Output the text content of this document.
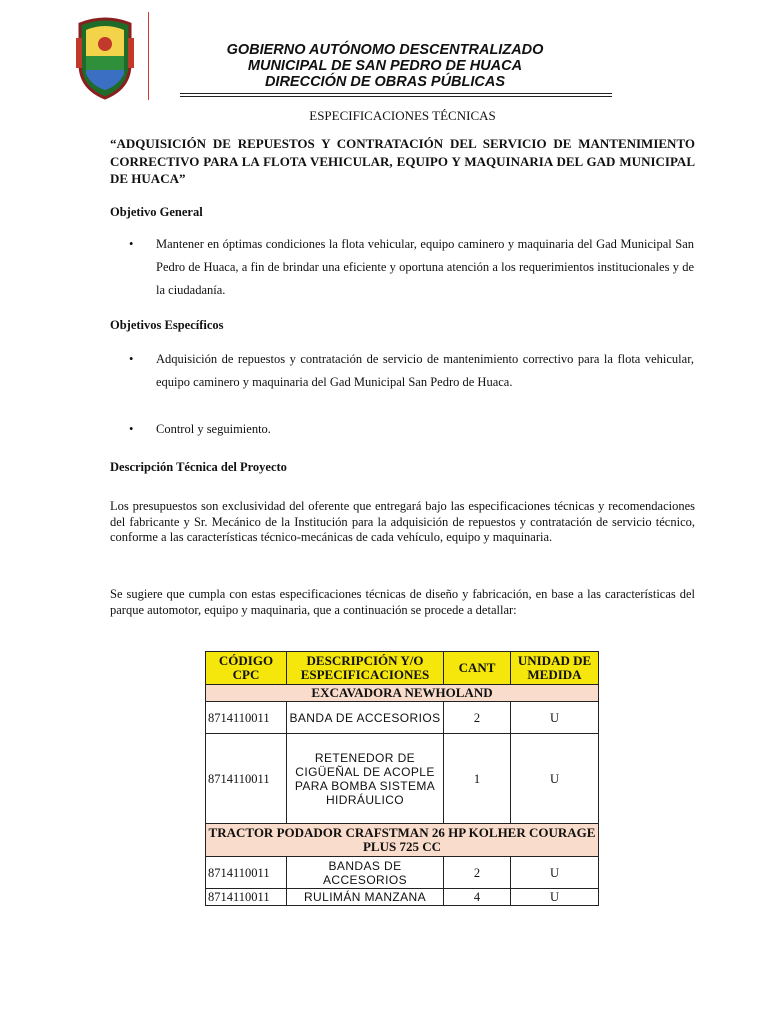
GOBIERNO AUTÓNOMO DESCENTRALIZADO
MUNICIPAL DE SAN PEDRO DE HUACA
DIRECCIÓN DE OBRAS PÚBLICAS
ESPECIFICACIONES TÉCNICAS
“ADQUISICIÓN DE REPUESTOS Y CONTRATACIÓN DEL SERVICIO DE MANTENIMIENTO CORRECTIVO PARA LA FLOTA VEHICULAR, EQUIPO Y MAQUINARIA DEL GAD MUNICIPAL DE HUACA”
Objetivo General
• Mantener en óptimas condiciones la flota vehicular, equipo caminero y maquinaria del Gad Municipal San Pedro de Huaca, a fin de brindar una eficiente y oportuna atención a los requerimientos institucionales y de la ciudadanía.
Objetivos Específicos
• Adquisición de repuestos y contratación de servicio de mantenimiento correctivo para la flota vehicular, equipo caminero y maquinaria del Gad Municipal San Pedro de Huaca.
• Control y seguimiento.
Descripción Técnica del Proyecto
Los presupuestos son exclusividad del oferente que entregará bajo las especificaciones técnicas y recomendaciones del fabricante y Sr. Mecánico de la Institución para la adquisición de repuestos y contratación de servicio técnico, conforme a las características técnico-mecánicas de cada vehículo, equipo y maquinaria.
Se sugiere que cumpla con estas especificaciones técnicas de diseño y fabricación, en base a las características del parque automotor, equipo y maquinaria, que a continuación se procede a detallar:
CÓDIGO CPC	DESCRIPCIÓN Y/O ESPECIFICACIONES	CANT	UNIDAD DE MEDIDA
EXCAVADORA NEWHOLAND			
8714110011	BANDA DE ACCESORIOS	2	U
8714110011	RETENEDOR DE CIGÜEÑAL DE ACOPLE PARA BOMBA SISTEMA HIDRÁULICO	1	U
TRACTOR PODADOR CRAFSTMAN 26 HP KOLHER COURAGE PLUS 725 CC			
8714110011	BANDAS DE ACCESORIOS	2	U
8714110011	RULIMÁN MANZANA	4	U
